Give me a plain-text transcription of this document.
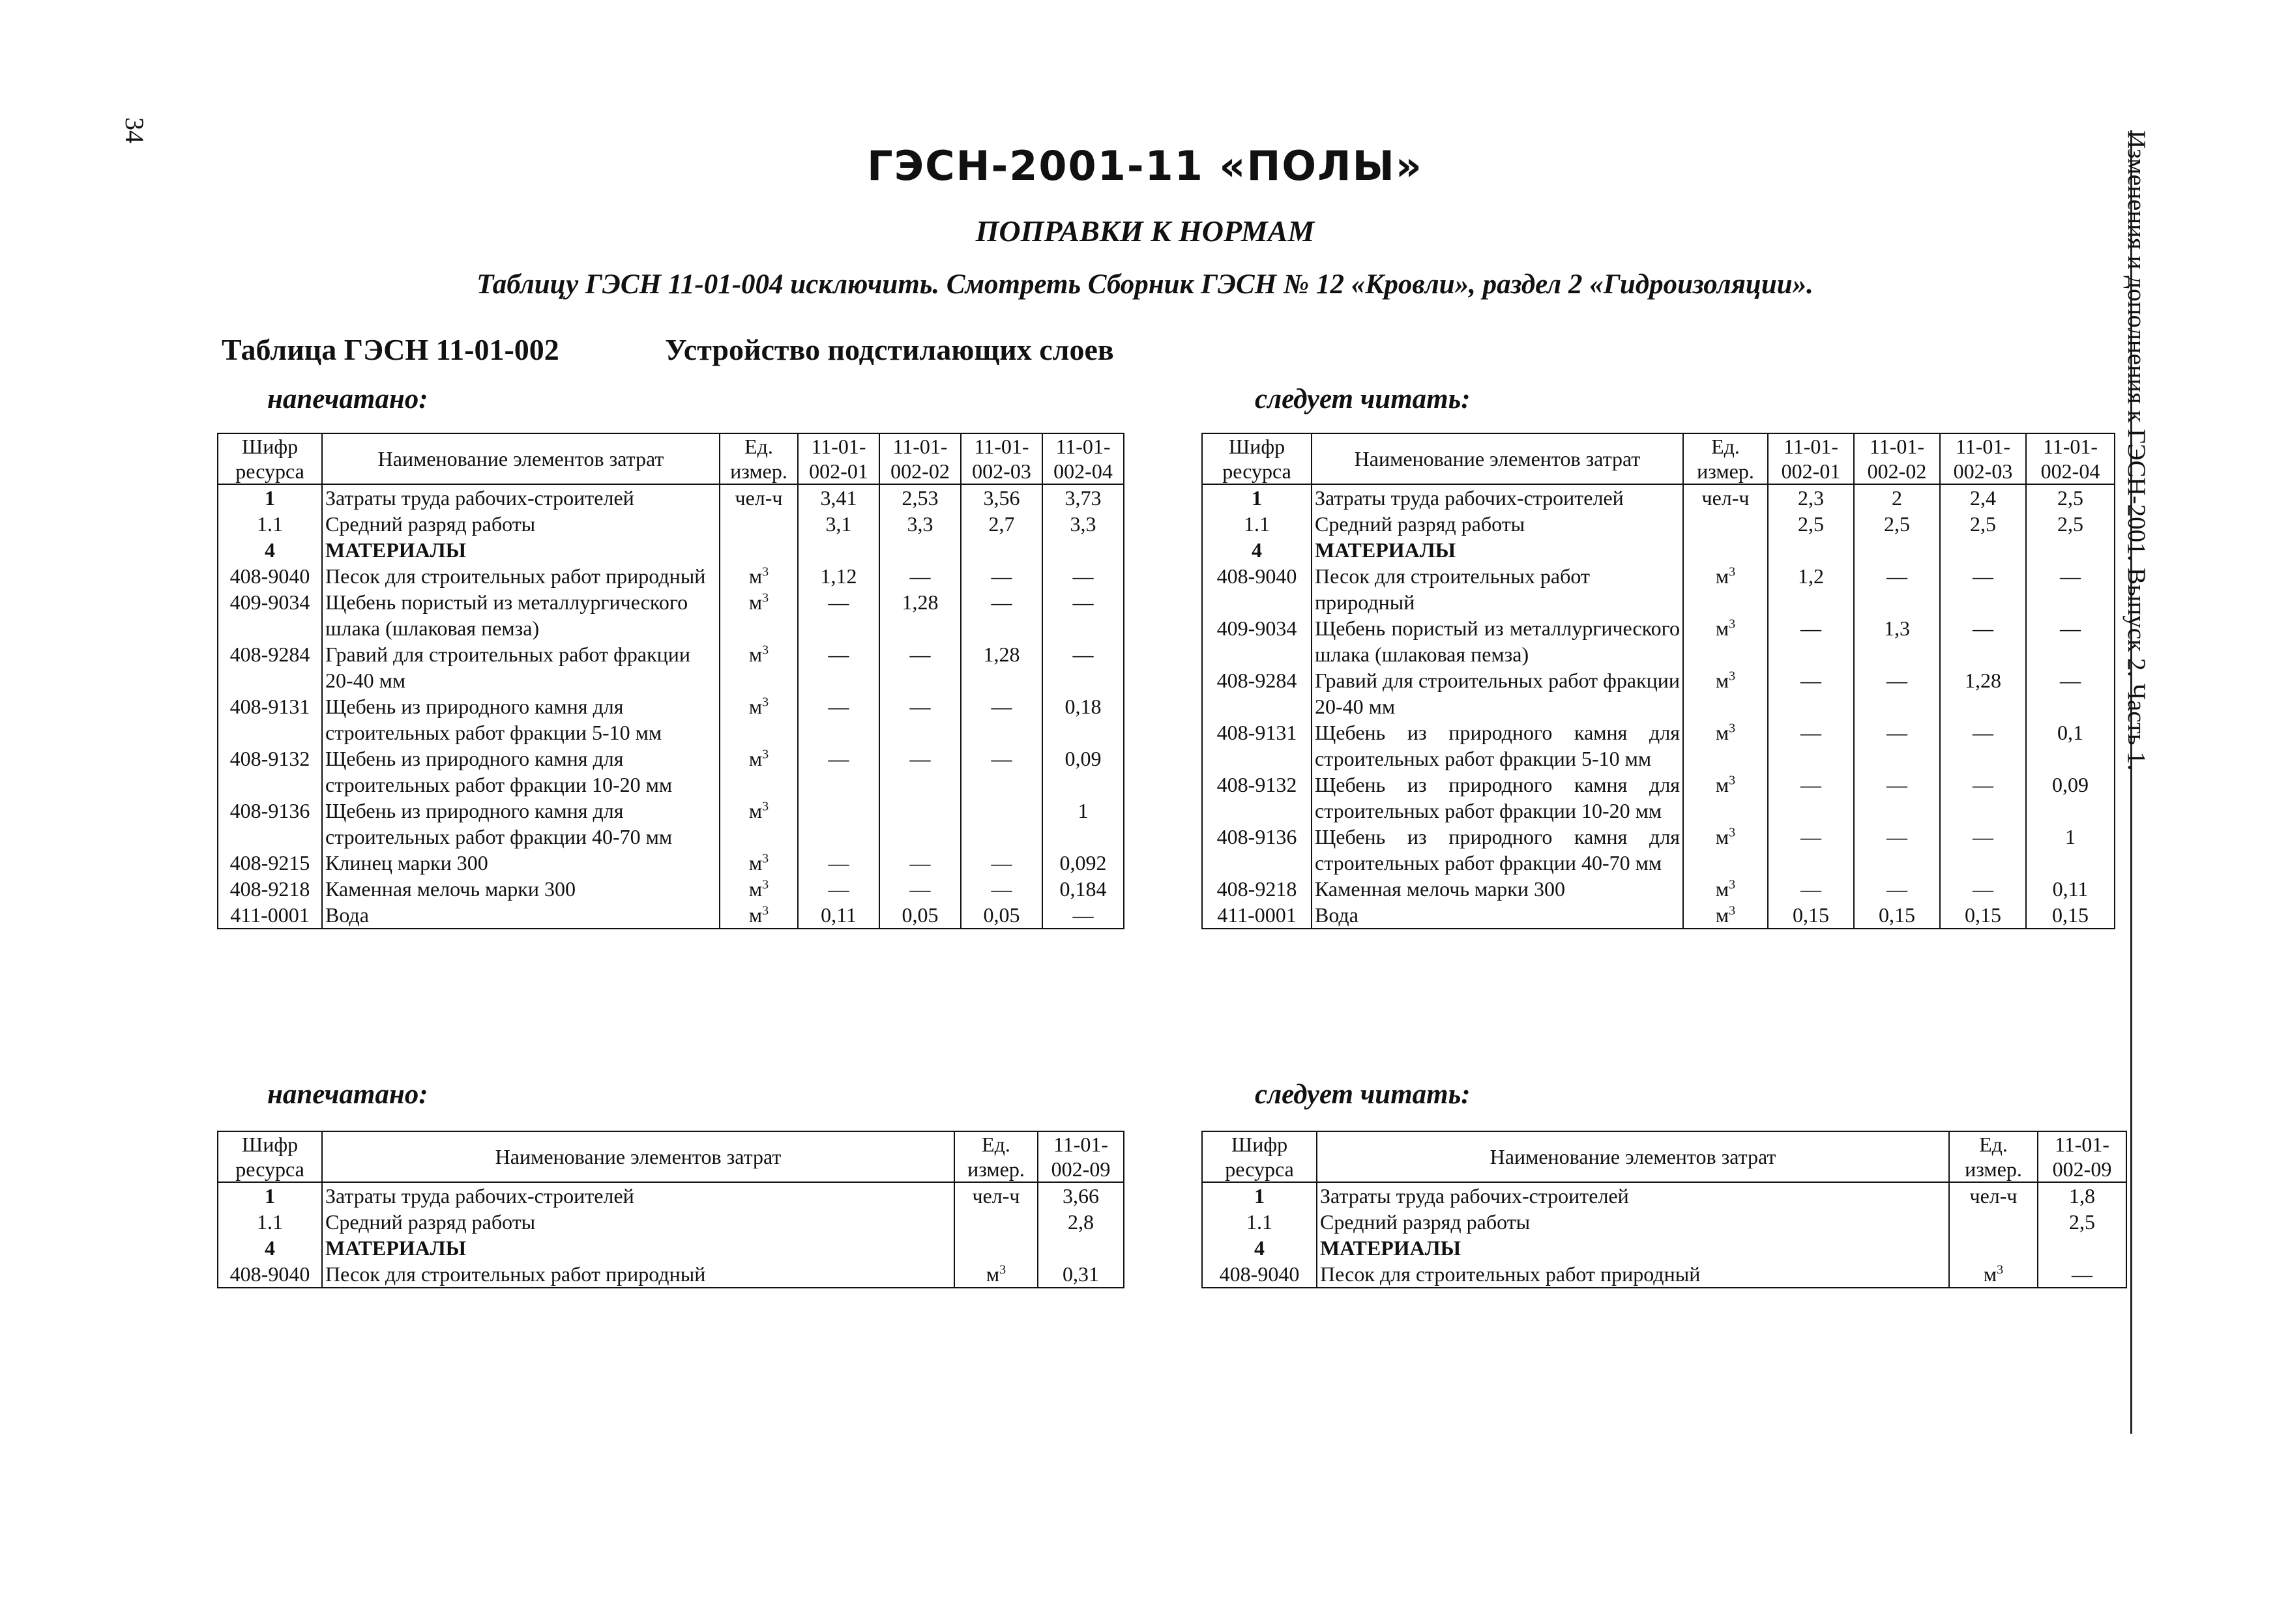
34
ГЭСН-2001-11 «ПОЛЫ»
ПОПРАВКИ К НОРМАМ
Таблицу ГЭСН 11-01-004 исключить. Смотреть Сборник ГЭСН № 12 «Кровли», раздел 2 «Гидроизоляции».
Таблица ГЭСН 11-01-002	Устройство подстилающих слоев
напечатано:	следует читать:
напечатано:	следует читать:
Изменения и дополнения к ГЭСН-2001. Выпуск 2. Часть 1.
Шифр ресурса	Наименование элементов затрат	Ед. измер.	11-01-002-01	11-01-002-02	11-01-002-03	11-01-002-04
1	Затраты труда рабочих-строителей	чел-ч	3,41	2,53	3,56	3,73
1.1	Средний разряд работы		3,1	3,3	2,7	3,3
4	МАТЕРИАЛЫ					
408-9040	Песок для строительных работ природный	$м^3$	1,12	—	—	—
409-9034	Щебень пористый из металлургического шлака (шлаковая пемза)	$м^3$	—	1,28	—	—
408-9284	Гравий для строительных работ фракции 20-40 мм	$м^3$	—	—	1,28	—
408-9131	Щебень из природного камня для строительных работ фракции 5-10 мм	$м^3$	—	—	—	0,18
408-9132	Щебень из природного камня для строительных работ фракции 10-20 мм	$м^3$	—	—	—	0,09
408-9136	Щебень из природного камня для строительных работ фракции 40-70 мм	$м^3$				1
408-9215	Клинец марки 300	$м^3$	—	—	—	0,092
408-9218	Каменная мелочь марки 300	$м^3$	—	—	—	0,184
411-0001	Вода	$м^3$	0,11	0,05	0,05	—
Шифр ресурса	Наименование элементов затрат	Ед. измер.	11-01-002-01	11-01-002-02	11-01-002-03	11-01-002-04
1	Затраты труда рабочих-строителей	чел-ч	2,3	2	2,4	2,5
1.1	Средний разряд работы		2,5	2,5	2,5	2,5
4	МАТЕРИАЛЫ					
408-9040	Песок для строительных работ природный	$м^3$	1,2	—	—	—
409-9034	Щебень пористый из металлургического шлака (шлаковая пемза)	$м^3$	—	1,3	—	—
408-9284	Гравий для строительных работ фракции 20-40 мм	$м^3$	—	—	1,28	—
408-9131	Щебень из природного камня для строительных работ фракции 5-10 мм	$м^3$	—	—	—	0,1
408-9132	Щебень из природного камня для строительных работ фракции 10-20 мм	$м^3$	—	—	—	0,09
408-9136	Щебень из природного камня для строительных работ фракции 40-70 мм	$м^3$	—	—	—	1
408-9218	Каменная мелочь марки 300	$м^3$	—	—	—	0,11
411-0001	Вода	$м^3$	0,15	0,15	0,15	0,15
Шифр ресурса	Наименование элементов затрат	Ед. измер.	11-01-002-09
1	Затраты труда рабочих-строителей	чел-ч	3,66
1.1	Средний разряд работы		2,8
4	МАТЕРИАЛЫ		
408-9040	Песок для строительных работ природный	$м^3$	0,31
Шифр ресурса	Наименование элементов затрат	Ед. измер.	11-01-002-09
1	Затраты труда рабочих-строителей	чел-ч	1,8
1.1	Средний разряд работы		2,5
4	МАТЕРИАЛЫ		
408-9040	Песок для строительных работ природный	$м^3$	—
